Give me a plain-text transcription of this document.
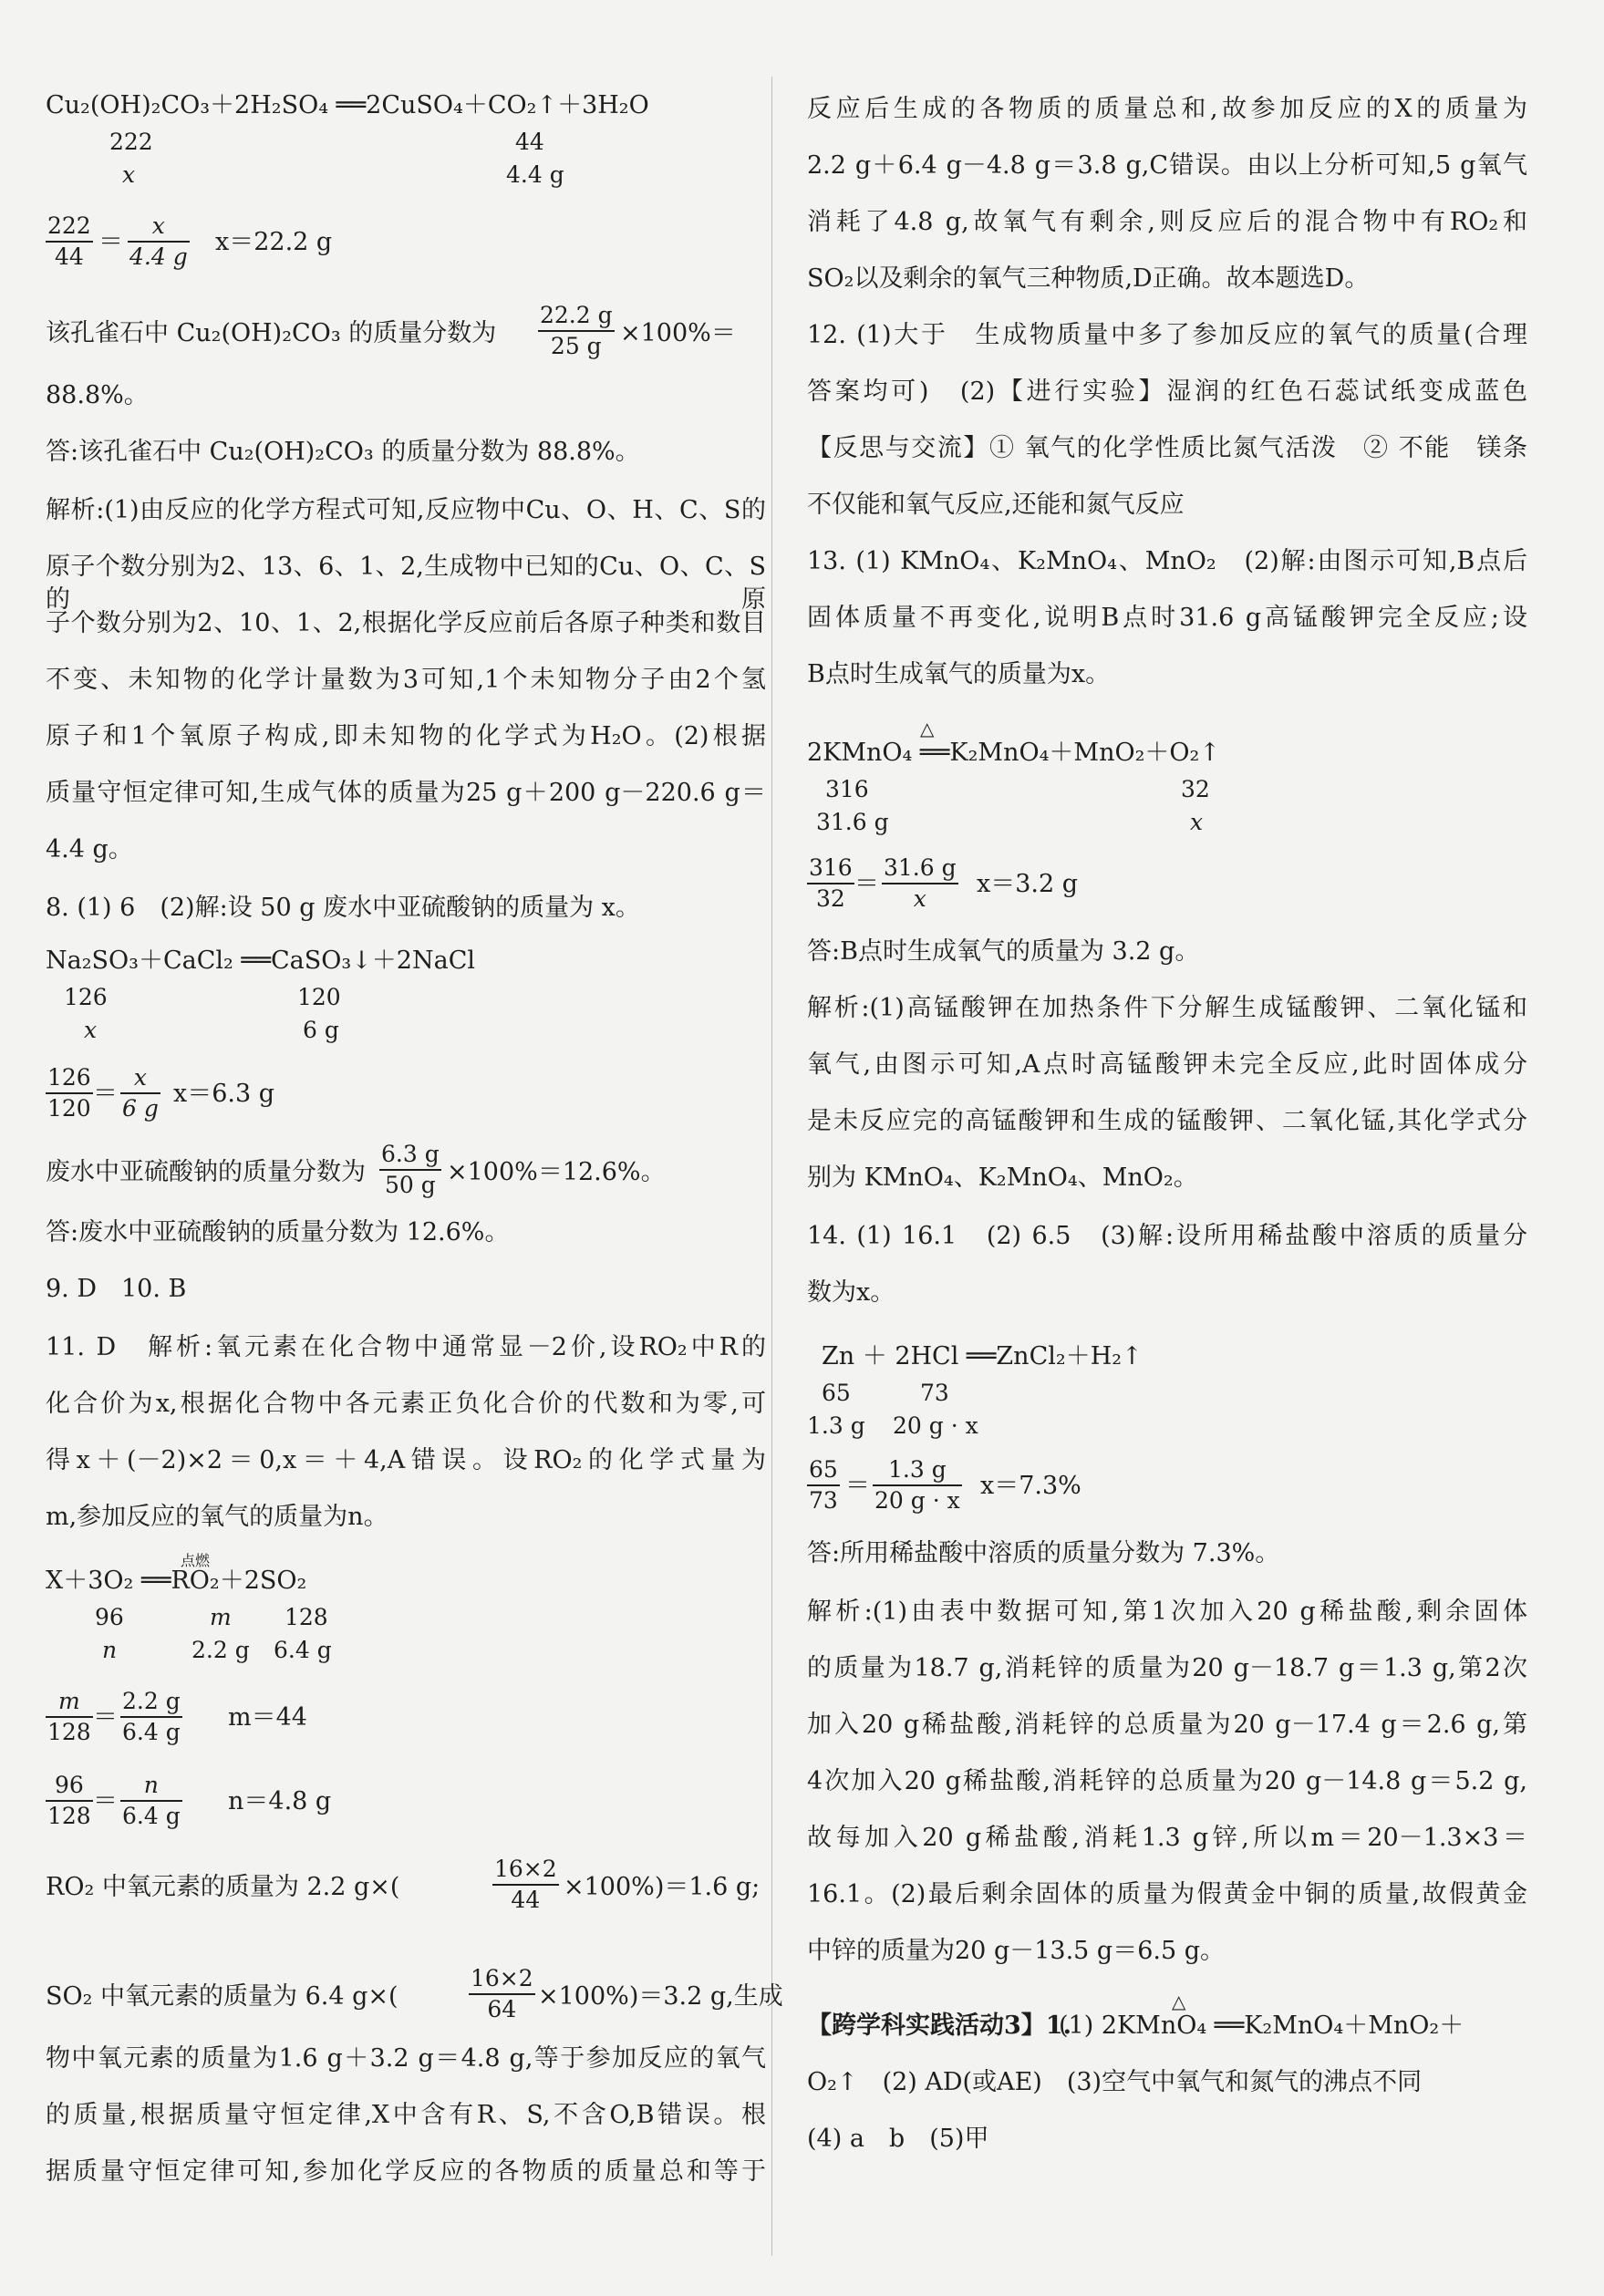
Cu₂(OH)₂CO₃＋2H₂SO₄ ══2CuSO₄＋CO₂↑＋3H₂O
222	44
x	4.4 g
$\frac{222}{44} = \frac{x}{4.4 g} x=22.2$ g
该孔雀石中 Cu₂(OH)₂CO₃ 的质量分数为 $\frac{22.2 g}{25 g} \times 100\%=$
88.8%。
答:该孔雀石中 Cu₂(OH)₂CO₃ 的质量分数为 88.8%。
解析:(1)由反应的化学方程式可知,反应物中Cu、O、H、C、S的
原子个数分别为2、13、6、1、2,生成物中已知的Cu、O、C、S的原
子个数分别为2、10、1、2,根据化学反应前后各原子种类和数目
不变、未知物的化学计量数为3可知,1个未知物分子由2个氢
原子和1个氧原子构成,即未知物的化学式为H₂O。(2)根据
质量守恒定律可知,生成气体的质量为25 g＋200 g－220.6 g＝
4.4 g。
8. (1) 6　(2)解:设 50 g 废水中亚硫酸钠的质量为 x。
Na₂SO₃＋CaCl₂ ══CaSO₃↓＋2NaCl
126	120
x	6 g
$\frac{126}{120} = \frac{x}{6 g} x=6.3$ g
废水中亚硫酸钠的质量分数为 $\frac{6.3 g}{50 g} \times 100\%=12.6\%$。
答:废水中亚硫酸钠的质量分数为 12.6%。
9. D　10. B
11. D　解析:氧元素在化合物中通常显－2价,设RO₂中R的
化合价为x,根据化合物中各元素正负化合价的代数和为零,可
得x＋(－2)×2＝0,x＝＋4,A错误。设RO₂的化学式量为
m,参加反应的氧气的质量为n。
点燃
X＋3O₂ ══RO₂＋2SO₂
96	m 128
n	2.2 g 6.4 g
$\frac{m}{128} = \frac{2.2 g}{6.4 g} m=44$
$\frac{96}{128} = \frac{n}{6.4 g} n=4.8$ g
RO₂ 中氧元素的质量为 2.2 g×(	$\frac{16\times 2}{44} \times 100\%)=1.6$ g;
SO₂ 中氧元素的质量为 6.4 g×(	$\frac{16\times 2}{64} \times 100\%)=3.2$ g,生成
物中氧元素的质量为1.6 g＋3.2 g＝4.8 g,等于参加反应的氧气
的质量,根据质量守恒定律,X中含有R、S,不含O,B错误。根
据质量守恒定律可知,参加化学反应的各物质的质量总和等于
反应后生成的各物质的质量总和,故参加反应的X的质量为
2.2 g＋6.4 g－4.8 g＝3.8 g,C错误。由以上分析可知,5 g氧气
消耗了4.8 g,故氧气有剩余,则反应后的混合物中有RO₂和
SO₂以及剩余的氧气三种物质,D正确。故本题选D。
12. (1)大于　生成物质量中多了参加反应的氧气的质量(合理
答案均可)　(2)【进行实验】湿润的红色石蕊试纸变成蓝色
【反思与交流】① 氧气的化学性质比氮气活泼　② 不能　镁条
不仅能和氧气反应,还能和氮气反应
13. (1) KMnO₄、K₂MnO₄、MnO₂　(2)解:由图示可知,B点后
固体质量不再变化,说明B点时31.6 g高锰酸钾完全反应;设
B点时生成氧气的质量为x。
△
2KMnO₄ ══K₂MnO₄＋MnO₂＋O₂↑
316	32
31.6 g	x
$\frac{316}{32} = \frac{31.6 g}{x} x=3.2$ g
答:B点时生成氧气的质量为 3.2 g。
解析:(1)高锰酸钾在加热条件下分解生成锰酸钾、二氧化锰和
氧气,由图示可知,A点时高锰酸钾未完全反应,此时固体成分
是未反应完的高锰酸钾和生成的锰酸钾、二氧化锰,其化学式分
别为 KMnO₄、K₂MnO₄、MnO₂。
14. (1) 16.1　(2) 6.5　(3)解:设所用稀盐酸中溶质的质量分
数为x。
Zn ＋ 2HCl ══ZnCl₂＋H₂↑
65	73
1.3 g 20 g · x
$\frac{65}{73} = \frac{1.3 g}{20 g \cdot x} x=7.3\%$
答:所用稀盐酸中溶质的质量分数为 7.3%。
解析:(1)由表中数据可知,第1次加入20 g稀盐酸,剩余固体
的质量为18.7 g,消耗锌的质量为20 g－18.7 g＝1.3 g,第2次
加入20 g稀盐酸,消耗锌的总质量为20 g－17.4 g＝2.6 g,第
4次加入20 g稀盐酸,消耗锌的总质量为20 g－14.8 g＝5.2 g,
故每加入20 g稀盐酸,消耗1.3 g锌,所以m＝20－1.3×3＝
16.1。(2)最后剩余固体的质量为假黄金中铜的质量,故假黄金
中锌的质量为20 g－13.5 g＝6.5 g。
【跨学科实践活动3】1.
△
(1) 2KMnO₄ ══K₂MnO₄＋MnO₂＋
O₂↑　(2) AD(或AE)　(3)空气中氧气和氮气的沸点不同
(4) a　b　(5)甲
